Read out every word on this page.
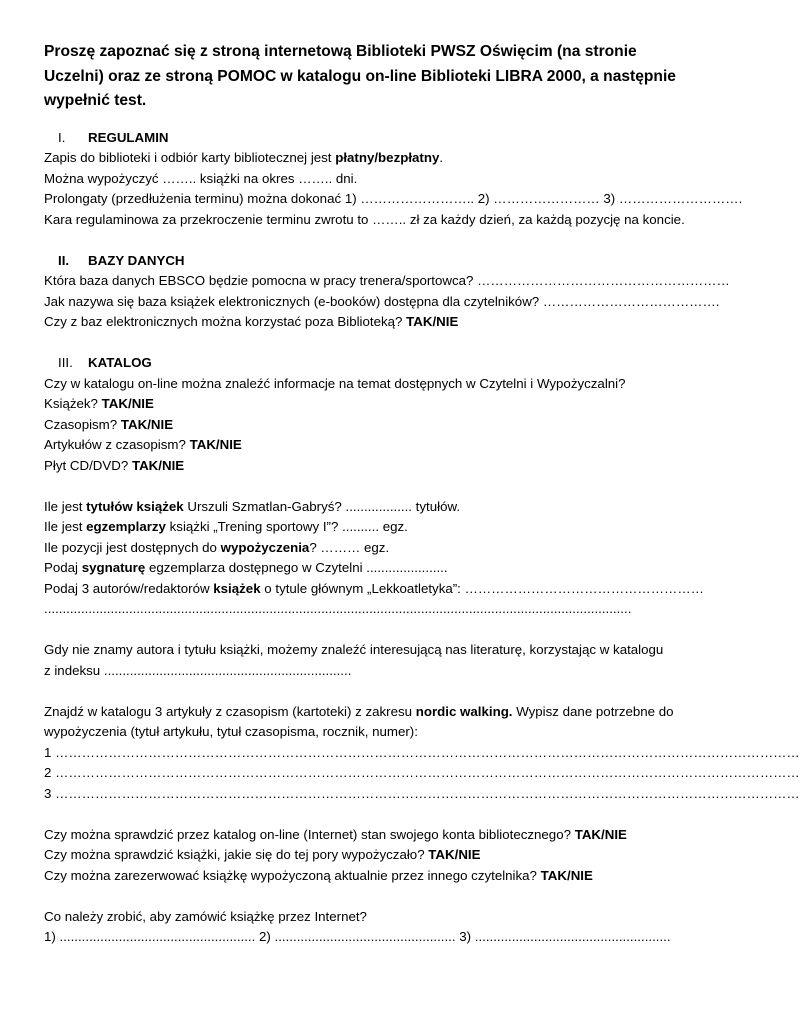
Proszę zapoznać się z stroną internetową Biblioteki PWSZ Oświęcim (na stronie Uczelni) oraz ze stroną POMOC w katalogu on-line Biblioteki LIBRA 2000, a następnie wypełnić test.
I.	REGULAMIN
Zapis do biblioteki i odbiór karty bibliotecznej jest płatny/bezpłatny.
Można wypożyczyć …….. książki na okres …….. dni.
Prolongaty (przedłużenia terminu) można dokonać 1) …………………….. 2) …………………… 3) ……………………….
Kara regulaminowa za przekroczenie terminu zwrotu to …….. zł za każdy dzień, za każdą pozycję na koncie.
II.	BAZY DANYCH
Która baza danych EBSCO będzie pomocna w pracy trenera/sportowca? …………………………………………………
Jak nazywa się baza książek elektronicznych (e-booków) dostępna dla czytelników? ………………………………….
Czy z baz elektronicznych można korzystać poza Biblioteką? TAK/NIE
III.	KATALOG
Czy w katalogu on-line można znaleźć informacje na temat dostępnych w Czytelni i Wypożyczalni?
Książek? TAK/NIE
Czasopism? TAK/NIE
Artykułów z czasopism? TAK/NIE
Płyt CD/DVD? TAK/NIE
Ile jest tytułów książek Urszuli Szmatlan-Gabryś? .................. tytułów.
Ile jest egzemplarzy książki „Trening sportowy I”? .......... egz.
Ile pozycji jest dostępnych do wypożyczenia? ……… egz.
Podaj sygnaturę egzemplarza dostępnego w Czytelni ......................
Podaj 3 autorów/redaktorów książek o tytule głównym „Lekkoatletyka”: ………………………………………………
...............................................................................................................................................................
Gdy nie znamy autora i tytułu książki, możemy znaleźć interesującą nas literaturę, korzystając w katalogu
z indeksu ...................................................................
Znajdź w katalogu 3 artykuły z czasopism (kartoteki) z zakresu nordic walking. Wypisz dane potrzebne do
wypożyczenia (tytuł artykułu, tytuł czasopisma, rocznik, numer):
1 ……………………………………………………………………………………………………………………………………………………
2 ……………………………………………………………………………………………………………………………………………………
3 ……………………………………………………………………………………………………………………………………………………
Czy można sprawdzić przez katalog on-line (Internet) stan swojego konta bibliotecznego? TAK/NIE
Czy można sprawdzić książki, jakie się do tej pory wypożyczało? TAK/NIE
Czy można zarezerwować książkę wypożyczoną aktualnie przez innego czytelnika? TAK/NIE
Co należy zrobić, aby zamówić książkę przez Internet?
1) ..................................................... 2) ................................................. 3) .....................................................
